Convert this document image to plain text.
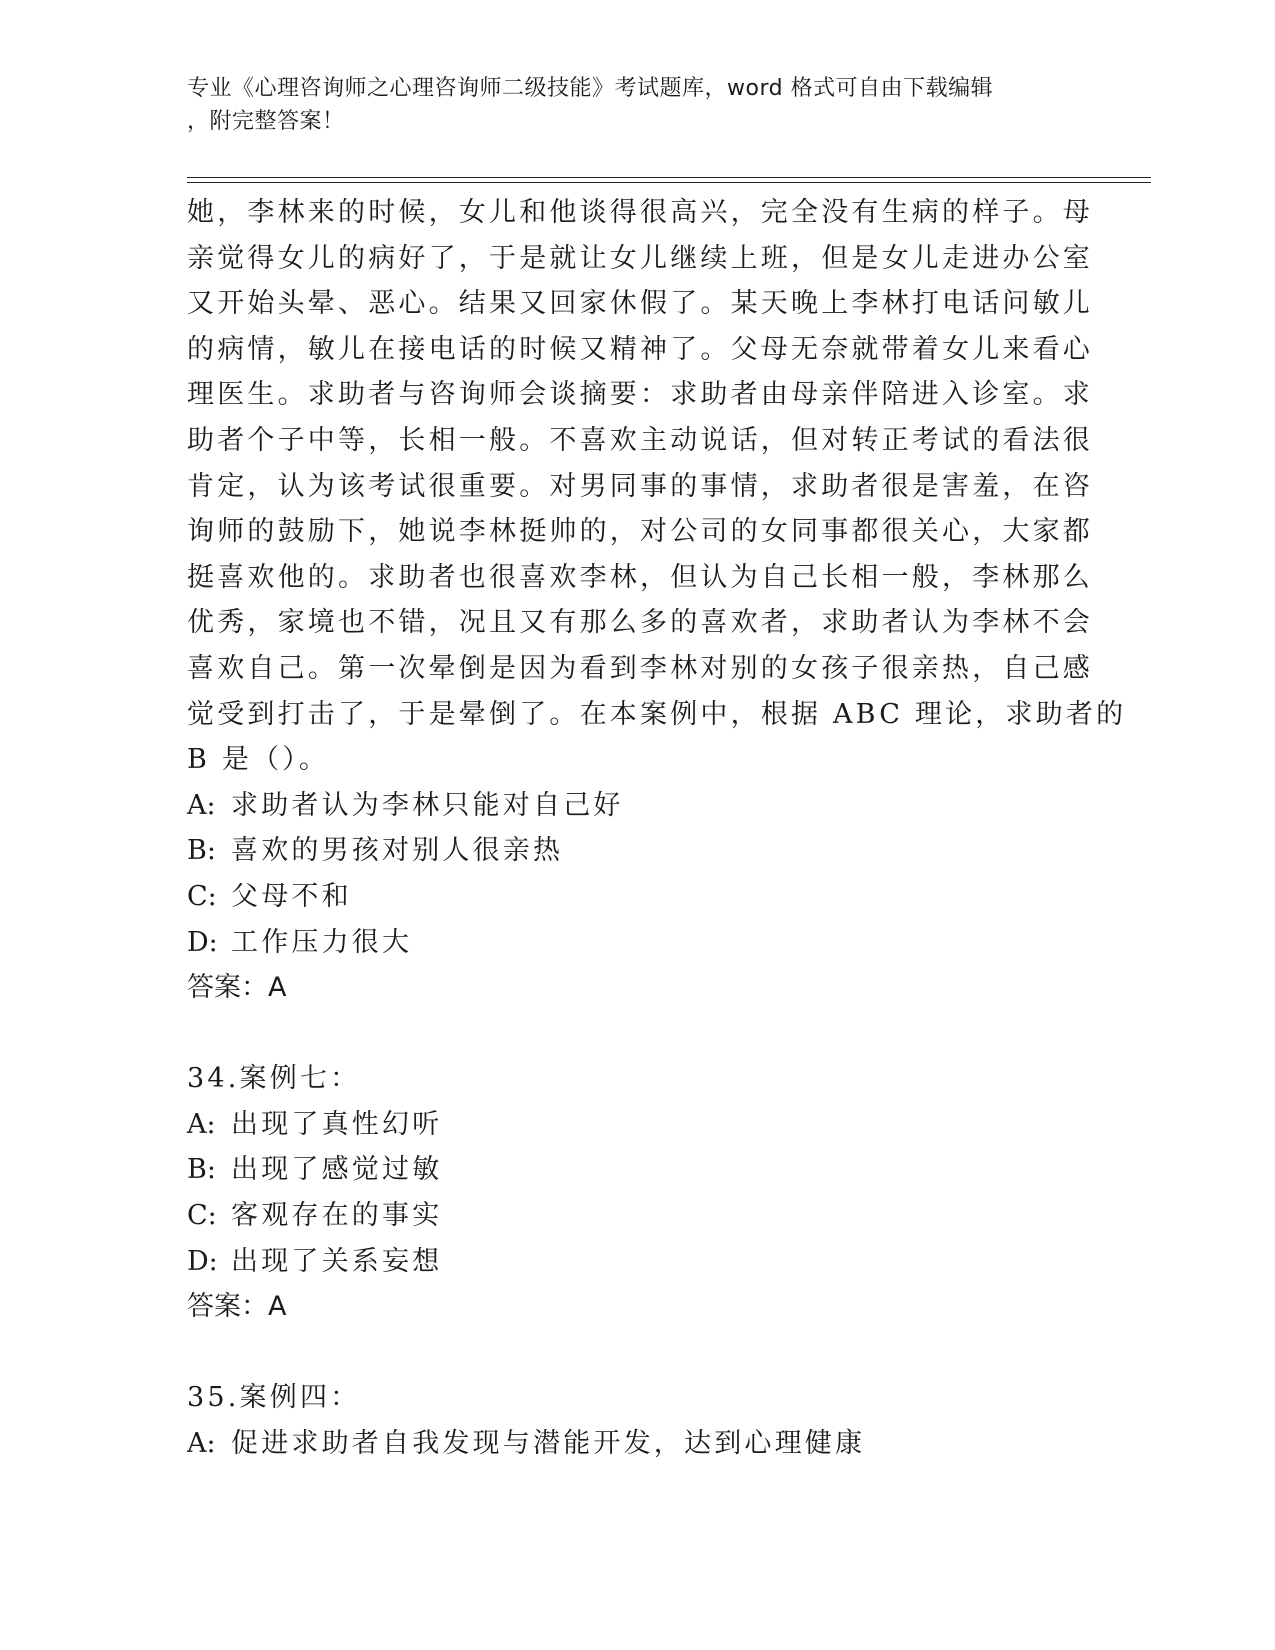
专业《心理咨询师之心理咨询师二级技能》考试题库，word 格式可自由下载编辑
，附完整答案！
她，李林来的时候，女儿和他谈得很高兴，完全没有生病的样子。母
亲觉得女儿的病好了，于是就让女儿继续上班，但是女儿走进办公室
又开始头晕、恶心。结果又回家休假了。某天晚上李林打电话问敏儿
的病情，敏儿在接电话的时候又精神了。父母无奈就带着女儿来看心
理医生。求助者与咨询师会谈摘要：求助者由母亲伴陪进入诊室。求
助者个子中等，长相一般。不喜欢主动说话，但对转正考试的看法很
肯定，认为该考试很重要。对男同事的事情，求助者很是害羞，在咨
询师的鼓励下，她说李林挺帅的，对公司的女同事都很关心，大家都
挺喜欢他的。求助者也很喜欢李林，但认为自己长相一般，李林那么
优秀，家境也不错，况且又有那么多的喜欢者，求助者认为李林不会
喜欢自己。第一次晕倒是因为看到李林对别的女孩子很亲热，自己感
觉受到打击了，于是晕倒了。在本案例中，根据 ABC 理论，求助者的
B 是（）。
A: 求助者认为李林只能对自己好
B: 喜欢的男孩对别人很亲热
C: 父母不和
D: 工作压力很大
答案：A
34.案例七：
A: 出现了真性幻听
B: 出现了感觉过敏
C: 客观存在的事实
D: 出现了关系妄想
答案：A
35.案例四：
A: 促进求助者自我发现与潜能开发，达到心理健康
